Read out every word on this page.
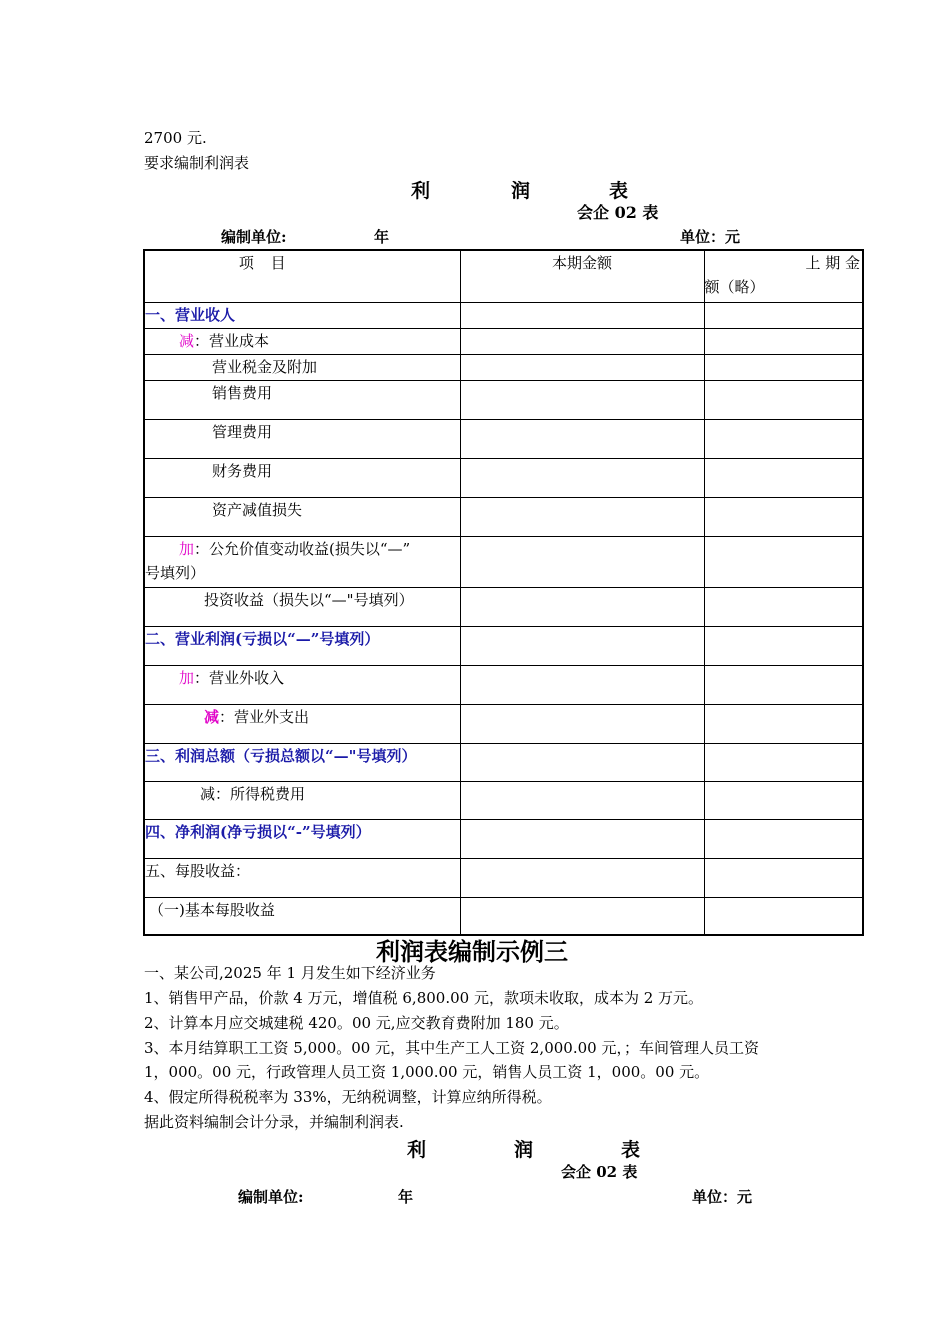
2700 元.
要求编制利润表
利	润	表
会企 02 表
编制单位:	年	单位：元
项 目	本期金额	上 期 金
额（略）

一、营业收人		
减：营业成本		
营业税金及附加		
销售费用		
管理费用		
财务费用		
资产减值损失		

加：公允价值变动收益(损失以“—”
号填列）		

投资收益（损失以“—"号填列）		
二、营业利润(亏损以“—”号填列）		
加：营业外收入		
减：营业外支出		
三、利润总额（亏损总额以“—"号填列）		
减：所得税费用		
四、净利润(净亏损以“-”号填列）		
五、每股收益：		
（一)基本每股收益		
利润表编制示例三
一、某公司,2025 年 1 月发生如下经济业务
1、销售甲产品，价款 4 万元，增值税 6,800.00 元，款项未收取，成本为 2 万元。
2、计算本月应交城建税 420。00 元,应交教育费附加 180 元。
3、本月结算职工工资 5,000。00 元，其中生产工人工资 2,000.00 元，；车间管理人员工资
1，000。00 元，行政管理人员工资 1,000.00 元，销售人员工资 1，000。00 元。
4、假定所得税税率为 33%，无纳税调整，计算应纳所得税。
据此资料编制会计分录，并编制利润表.
利	润	表
会企 02 表
编制单位:	年	单位：元
